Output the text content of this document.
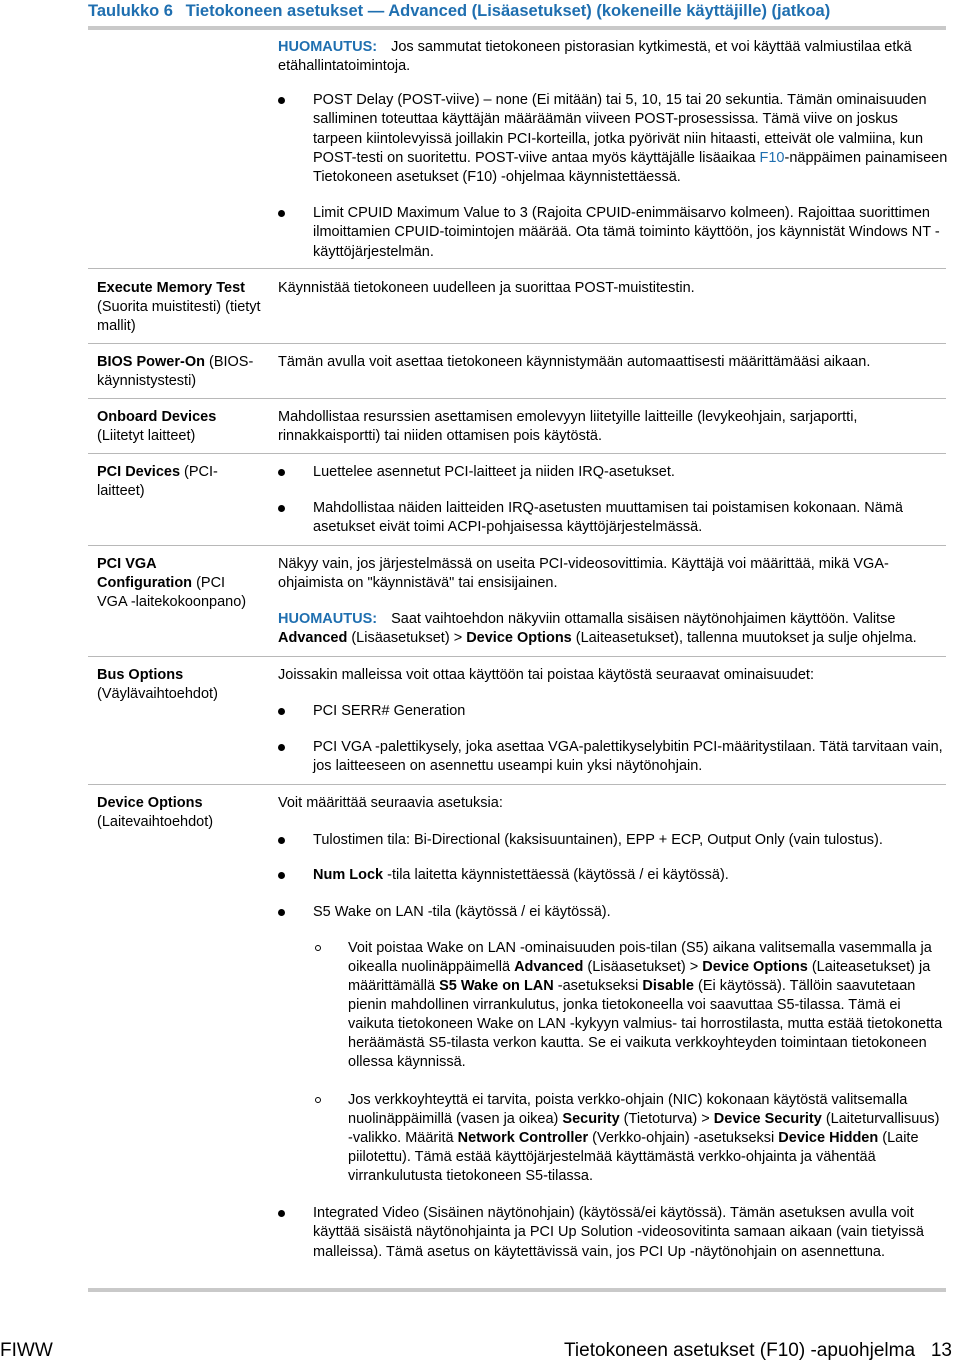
Taulukko 6 Tietokoneen asetukset — Advanced (Lisäasetukset) (kokeneille käyttäjille) (jatkoa)

HUOMAUTUS: Jos sammutat tietokoneen pistorasian kytkimestä, et voi käyttää valmiustilaa etkä etähallintatoimintoja.

POST Delay (POST-viive) – none (Ei mitään) tai 5, 10, 15 tai 20 sekuntia. Tämän ominaisuuden salliminen toteuttaa käyttäjän määräämän viiveen POST-prosessissa. Tämä viive on joskus tarpeen kiintolevyissä joillakin PCI-korteilla, jotka pyörivät niin hitaasti, etteivät ole valmiina, kun POST-testi on suoritettu. POST-viive antaa myös käyttäjälle lisäaikaa F10-näppäimen painamiseen Tietokoneen asetukset (F10) -ohjelmaa käynnistettäessä.
Limit CPUID Maximum Value to 3 (Rajoita CPUID-enimmäisarvo kolmeen). Rajoittaa suorittimen ilmoittamien CPUID-toimintojen määrää. Ota tämä toiminto käyttöön, jos käynnistät Windows NT -käyttöjärjestelmän.
Execute Memory Test
(Suorita muistitesti) (tietyt mallit)
Käynnistää tietokoneen uudelleen ja suorittaa POST-muistitestin.
BIOS Power-On (BIOS-käynnistystesti)
Tämän avulla voit asettaa tietokoneen käynnistymään automaattisesti määrittämääsi aikaan.
Onboard Devices
(Liitetyt laitteet)
Mahdollistaa resurssien asettamisen emolevyyn liitetyille laitteille (levykeohjain, sarjaportti, rinnakkaisportti) tai niiden ottamisen pois käytöstä.
PCI Devices (PCI-laitteet)
Luettelee asennetut PCI-laitteet ja niiden IRQ-asetukset.
Mahdollistaa näiden laitteiden IRQ-asetusten muuttamisen tai poistamisen kokonaan. Nämä asetukset eivät toimi ACPI-pohjaisessa käyttöjärjestelmässä.
PCI VGA Configuration (PCI VGA -laitekokoonpano)
Näkyy vain, jos järjestelmässä on useita PCI-videosovittimia. Käyttäjä voi määrittää, mikä VGA-ohjaimista on "käynnistävä" tai ensisijainen.
HUOMAUTUS: Saat vaihtoehdon näkyviin ottamalla sisäisen näytönohjaimen käyttöön. Valitse Advanced (Lisäasetukset) > Device Options (Laiteasetukset), tallenna muutokset ja sulje ohjelma.
Bus Options
(Väylävaihtoehdot)
Joissakin malleissa voit ottaa käyttöön tai poistaa käytöstä seuraavat ominaisuudet:
PCI SERR# Generation
PCI VGA -palettikysely, joka asettaa VGA-palettikyselybitin PCI-määritystilaan. Tätä tarvitaan vain, jos laitteeseen on asennettu useampi kuin yksi näytönohjain.
Device Options
(Laitevaihtoehdot)
Voit määrittää seuraavia asetuksia:
Tulostimen tila: Bi-Directional (kaksisuuntainen), EPP + ECP, Output Only (vain tulostus).
Num Lock -tila laitetta käynnistettäessä (käytössä / ei käytössä).
S5 Wake on LAN -tila (käytössä / ei käytössä).
Voit poistaa Wake on LAN -ominaisuuden pois-tilan (S5) aikana valitsemalla vasemmalla ja oikealla nuolinäppäimellä Advanced (Lisäasetukset) > Device Options (Laiteasetukset) ja määrittämällä S5 Wake on LAN -asetukseksi Disable (Ei käytössä). Tällöin saavutetaan pienin mahdollinen virrankulutus, jonka tietokoneella voi saavuttaa S5-tilassa. Tämä ei vaikuta tietokoneen Wake on LAN -kykyyn valmius- tai horrostilasta, mutta estää tietokonetta heräämästä S5-tilasta verkon kautta. Se ei vaikuta verkkoyhteyden toimintaan tietokoneen ollessa käynnissä.
Jos verkkoyhteyttä ei tarvita, poista verkko-ohjain (NIC) kokonaan käytöstä valitsemalla nuolinäppäimillä (vasen ja oikea) Security (Tietoturva) > Device Security (Laiteturvallisuus) -valikko. Määritä Network Controller (Verkko-ohjain) -asetukseksi Device Hidden (Laite piilotettu). Tämä estää käyttöjärjestelmää käyttämästä verkko-ohjainta ja vähentää virrankulutusta tietokoneen S5-tilassa.
Integrated Video (Sisäinen näytönohjain) (käytössä/ei käytössä). Tämän asetuksen avulla voit käyttää sisäistä näytönohjainta ja PCI Up Solution -videosovitinta samaan aikaan (vain tietyissä malleissa). Tämä asetus on käytettävissä vain, jos PCI Up -näytönohjain on asennettuna.
FIWW	Tietokoneen asetukset (F10) -apuohjelma   13
